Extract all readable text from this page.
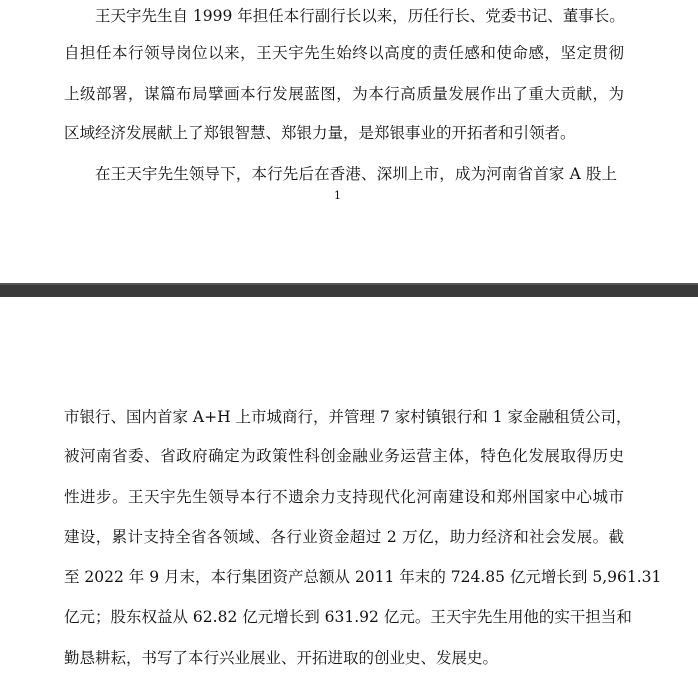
王天宇先生自 1999 年担任本行副行长以来，历任行长、党委书记、董事长。
自担任本行领导岗位以来，王天宇先生始终以高度的责任感和使命感，坚定贯彻
上级部署，谋篇布局擘画本行发展蓝图，为本行高质量发展作出了重大贡献，为
区域经济发展献上了郑银智慧、郑银力量，是郑银事业的开拓者和引领者。
在王天宇先生领导下，本行先后在香港、深圳上市，成为河南省首家 A 股上
1
市银行、国内首家 A+H 上市城商行，并管理 7 家村镇银行和 1 家金融租赁公司，
被河南省委、省政府确定为政策性科创金融业务运营主体，特色化发展取得历史
性进步。王天宇先生领导本行不遗余力支持现代化河南建设和郑州国家中心城市
建设，累计支持全省各领域、各行业资金超过 2 万亿，助力经济和社会发展。截
至 2022 年 9 月末，本行集团资产总额从 2011 年末的 724.85 亿元增长到 5,961.31
亿元；股东权益从 62.82 亿元增长到 631.92 亿元。王天宇先生用他的实干担当和
勤恳耕耘，书写了本行兴业展业、开拓进取的创业史、发展史。
